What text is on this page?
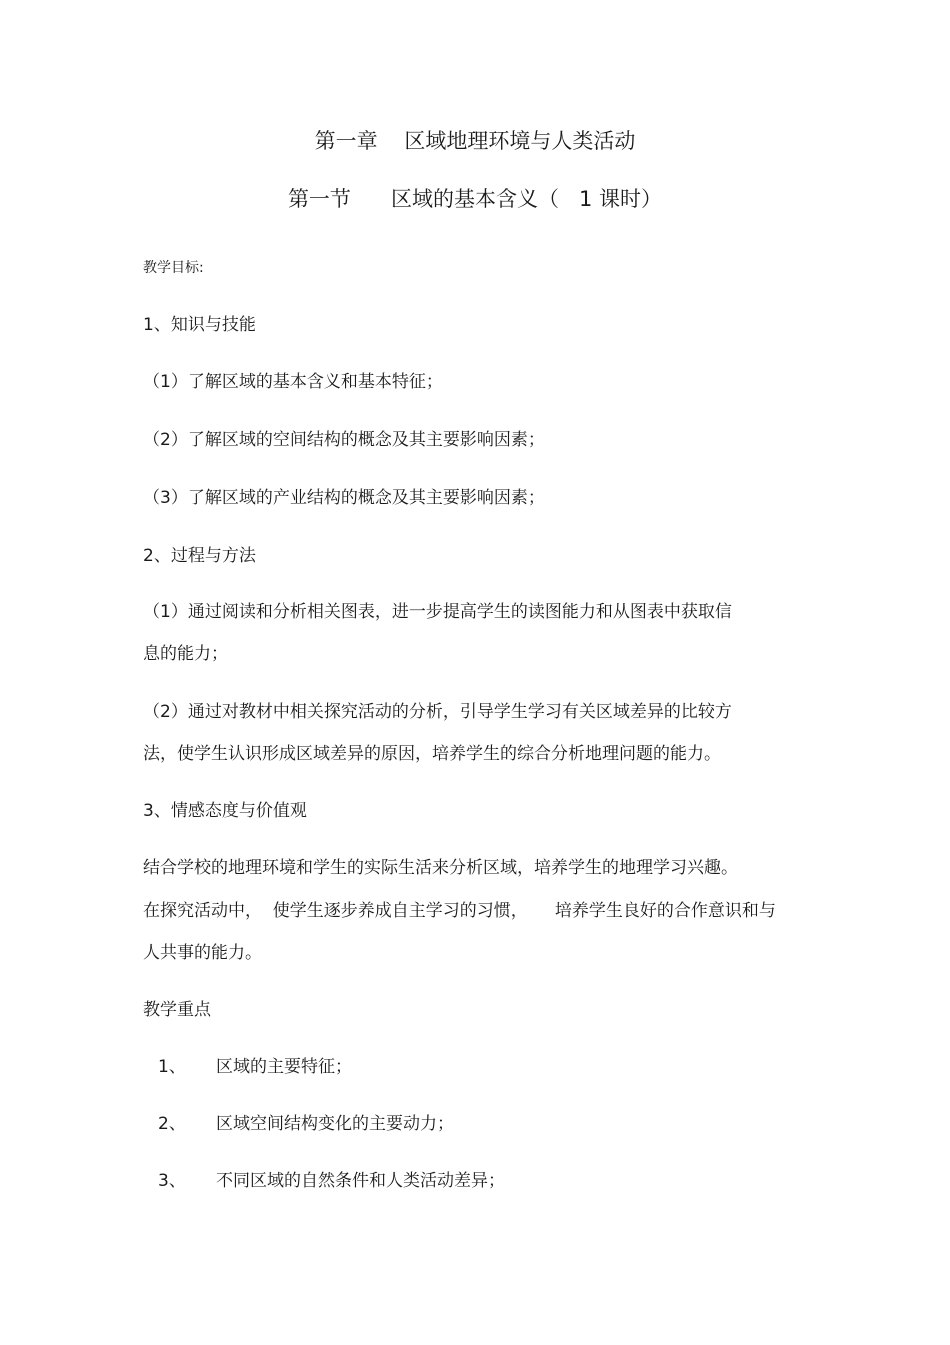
第一章    区域地理环境与人类活动
第一节      区域的基本含义（   1 课时）
教学目标:
1、知识与技能
（1）了解区域的基本含义和基本特征；
（2）了解区域的空间结构的概念及其主要影响因素；
（3）了解区域的产业结构的概念及其主要影响因素；
2、过程与方法
（1）通过阅读和分析相关图表，进一步提高学生的读图能力和从图表中获取信
息的能力；
（2）通过对教材中相关探究活动的分析，引导学生学习有关区域差异的比较方
法，使学生认识形成区域差异的原因，培养学生的综合分析地理问题的能力。
3、情感态度与价值观
结合学校的地理环境和学生的实际生活来分析区域，培养学生的地理学习兴趣。
在探究活动中，  使学生逐步养成自主学习的习惯，     培养学生良好的合作意识和与
人共事的能力。
教学重点
1、 区域的主要特征；
2、 区域空间结构变化的主要动力；
3、 不同区域的自然条件和人类活动差异；
